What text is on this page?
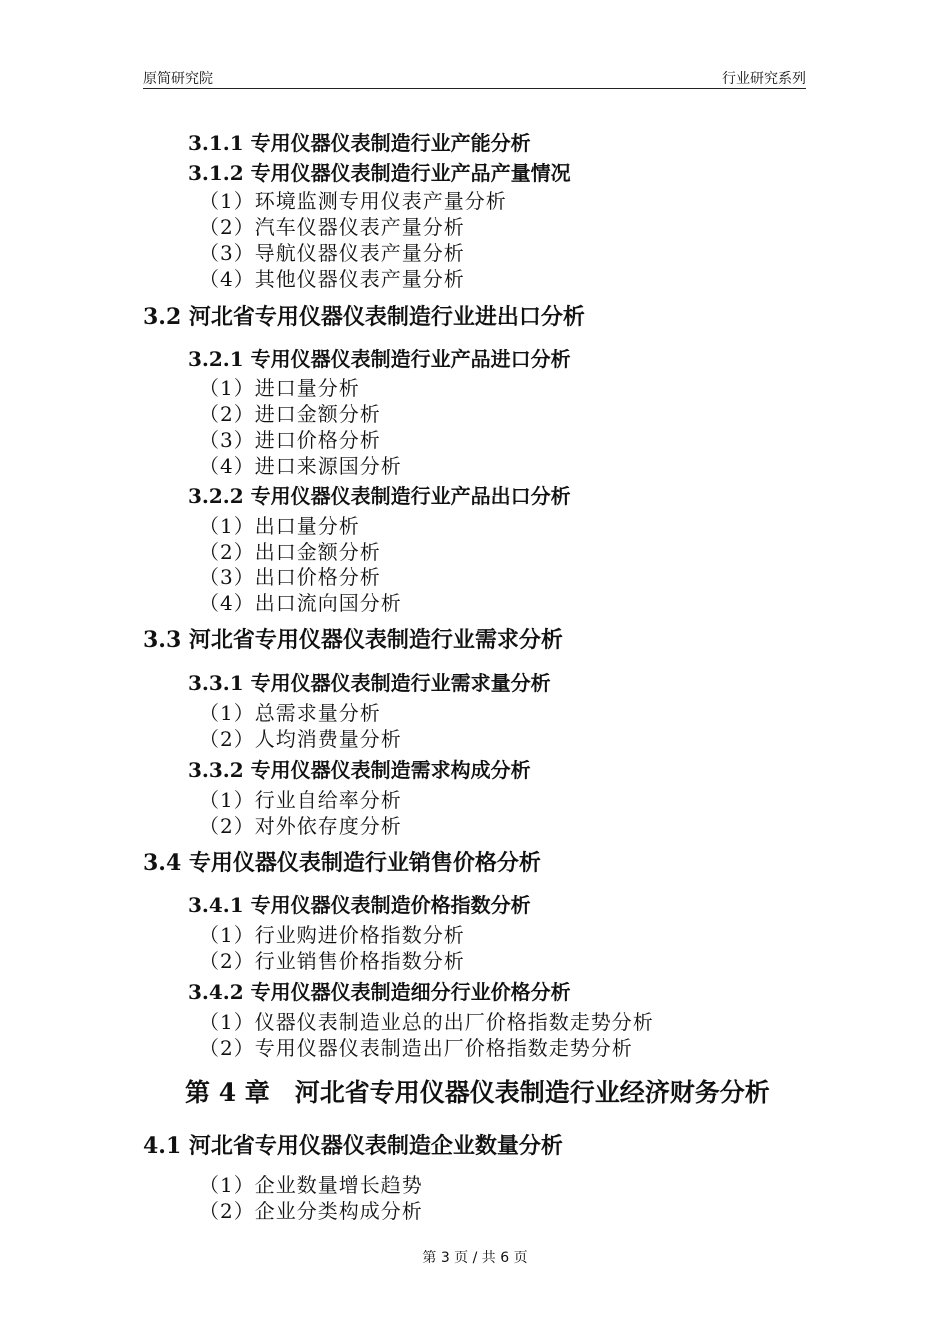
原简研究院	行业研究系列
3.1.1 专用仪器仪表制造行业产能分析
3.1.2 专用仪器仪表制造行业产品产量情况
（1）环境监测专用仪表产量分析
（2）汽车仪器仪表产量分析
（3）导航仪器仪表产量分析
（4）其他仪器仪表产量分析
3.2 河北省专用仪器仪表制造行业进出口分析
3.2.1 专用仪器仪表制造行业产品进口分析
（1）进口量分析
（2）进口金额分析
（3）进口价格分析
（4）进口来源国分析
3.2.2 专用仪器仪表制造行业产品出口分析
（1）出口量分析
（2）出口金额分析
（3）出口价格分析
（4）出口流向国分析
3.3 河北省专用仪器仪表制造行业需求分析
3.3.1 专用仪器仪表制造行业需求量分析
（1）总需求量分析
（2）人均消费量分析
3.3.2 专用仪器仪表制造需求构成分析
（1）行业自给率分析
（2）对外依存度分析
3.4 专用仪器仪表制造行业销售价格分析
3.4.1 专用仪器仪表制造价格指数分析
（1）行业购进价格指数分析
（2）行业销售价格指数分析
3.4.2 专用仪器仪表制造细分行业价格分析
（1）仪器仪表制造业总的出厂价格指数走势分析
（2）专用仪器仪表制造出厂价格指数走势分析
第 4 章　河北省专用仪器仪表制造行业经济财务分析
4.1 河北省专用仪器仪表制造企业数量分析
（1）企业数量增长趋势
（2）企业分类构成分析
第 3 页 / 共 6 页
